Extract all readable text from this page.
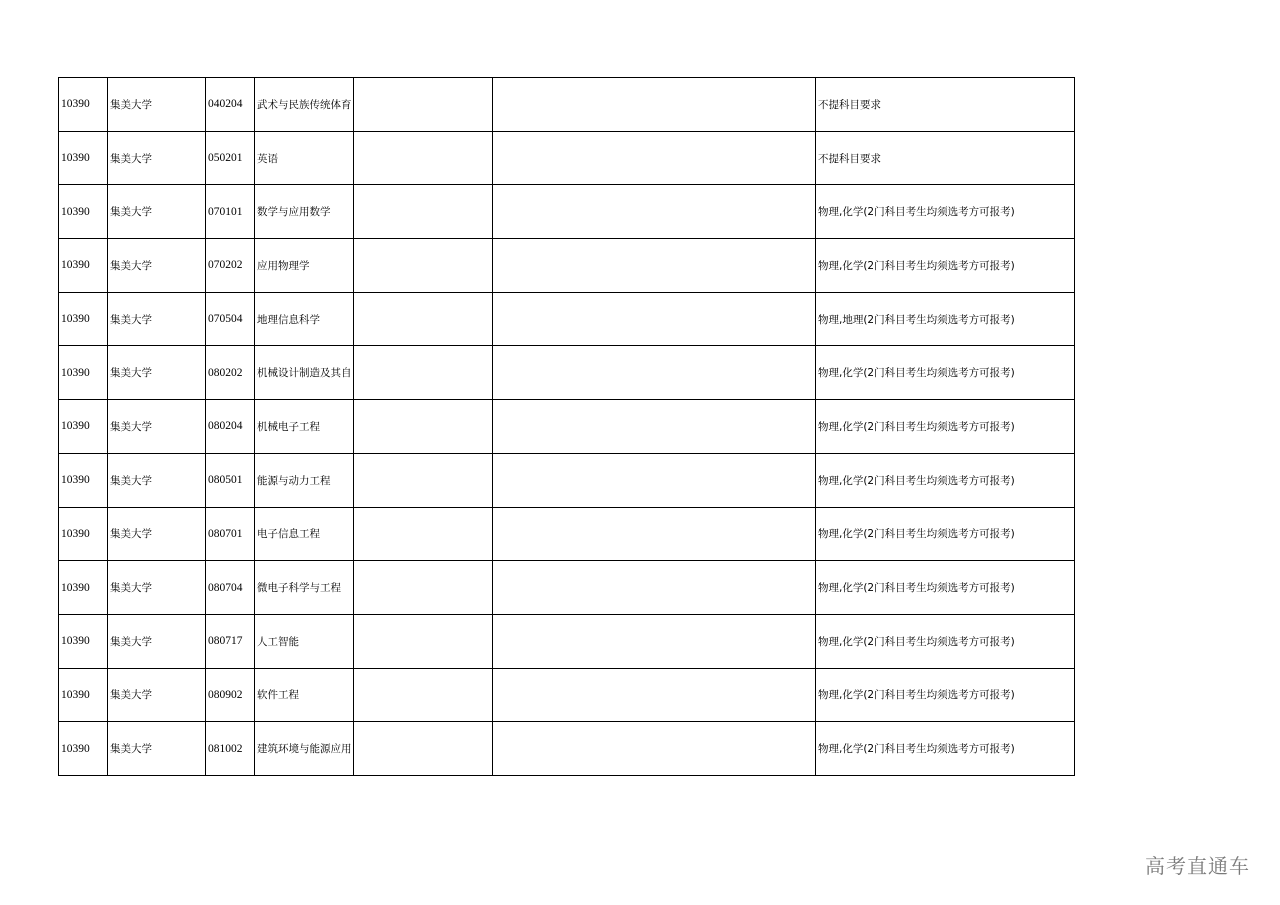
10390	集美大学	040204	武术与民族传统体育			不提科目要求
10390	集美大学	050201	英语			不提科目要求
10390	集美大学	070101	数学与应用数学			物理,化学(2门科目考生均须选考方可报考)
10390	集美大学	070202	应用物理学			物理,化学(2门科目考生均须选考方可报考)
10390	集美大学	070504	地理信息科学			物理,地理(2门科目考生均须选考方可报考)
10390	集美大学	080202	机械设计制造及其自			物理,化学(2门科目考生均须选考方可报考)
10390	集美大学	080204	机械电子工程			物理,化学(2门科目考生均须选考方可报考)
10390	集美大学	080501	能源与动力工程			物理,化学(2门科目考生均须选考方可报考)
10390	集美大学	080701	电子信息工程			物理,化学(2门科目考生均须选考方可报考)
10390	集美大学	080704	微电子科学与工程			物理,化学(2门科目考生均须选考方可报考)
10390	集美大学	080717	人工智能			物理,化学(2门科目考生均须选考方可报考)
10390	集美大学	080902	软件工程			物理,化学(2门科目考生均须选考方可报考)
10390	集美大学	081002	建筑环境与能源应用			物理,化学(2门科目考生均须选考方可报考)
高考直通车
